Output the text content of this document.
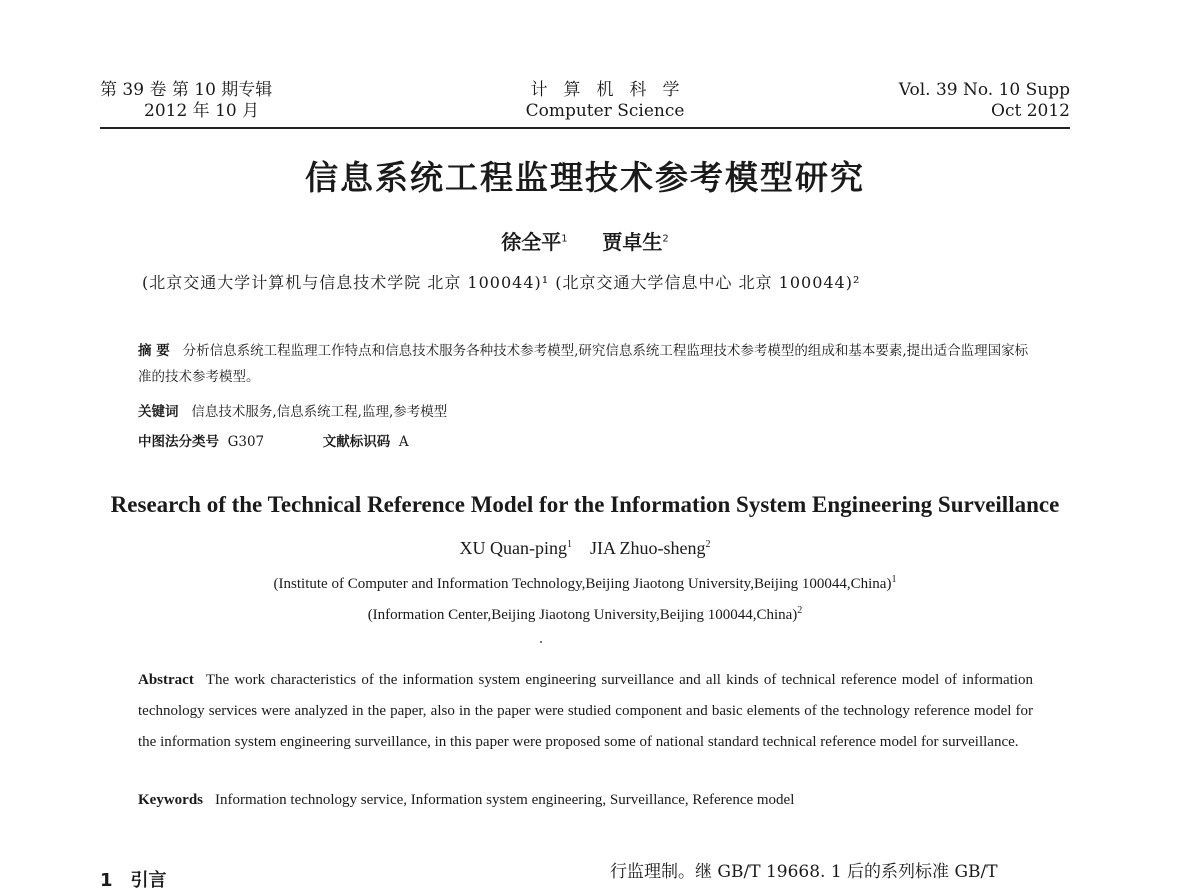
第 39 卷 第 10 期专辑
2012 年 10 月
计算机科学
Computer Science
Vol. 39 No. 10 Supp
Oct 2012
信息系统工程监理技术参考模型研究
徐全平$^1$ 贾卓生$^2$
(北京交通大学计算机与信息技术学院 北京 100044)¹ (北京交通大学信息中心 北京 100044)²
摘 要 分析信息系统工程监理工作特点和信息技术服务各种技术参考模型,研究信息系统工程监理技术参考模型的组成和基本要素,提出适合监理国家标准的技术参考模型。
关键词 信息技术服务,信息系统工程,监理,参考模型
中图法分类号 G307	文献标识码 A
Research of the Technical Reference Model for the Information System Engineering Surveillance
XU Quan-ping$^1$ JIA Zhuo-sheng$^2$
(Institute of Computer and Information Technology,Beijing Jiaotong University,Beijing 100044,China)$^1$
(Information Center,Beijing Jiaotong University,Beijing 100044,China)$^2$
Abstract The work characteristics of the information system engineering surveillance and all kinds of technical reference model of information technology services were analyzed in the paper, also in the paper were studied component and basic elements of the technology reference model for the information system engineering surveillance, in this paper were proposed some of national standard technical reference model for surveillance.
Keywords Information technology service, Information system engineering, Surveillance, Reference model
1 引言	行监理制。继 GB/T 19668. 1 后的系列标准 GB/T
